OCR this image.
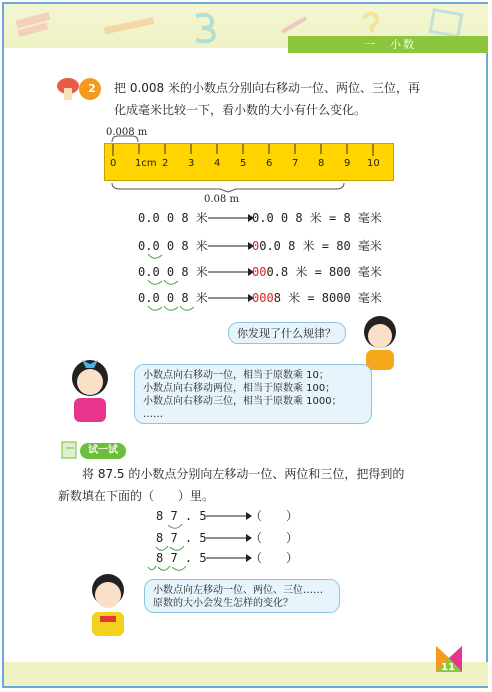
一　小数
2 把 0.008 米的小数点分别向右移动一位、两位、三位，再
化成毫米比较一下，看小数的大小有什么变化。
0.008 m
0 1cm 2 3 4 5 6 7 8 9 10
0.08 m
0.0 0 8 米	0.0 0 8 米 = 8 毫米
0.0 0 8 米	00.0 8 米 = 80 毫米
0.0 0 8 米	000.8 米 = 800 毫米
0.0 0 8 米	0008 米 = 8000 毫米
你发现了什么规律？
小数点向右移动一位，相当于原数乘 10；
小数点向右移动两位，相当于原数乘 100；
小数点向右移动三位，相当于原数乘 1000；
……
试一试
将 87.5 的小数点分别向左移动一位、两位和三位，把得到的
新数填在下面的（　　）里。
8 7 . 5	（　　）
8 7 . 5	（　　）
8 7 . 5	（　　）
小数点向左移动一位、两位、三位……
原数的大小会发生怎样的变化？
11
